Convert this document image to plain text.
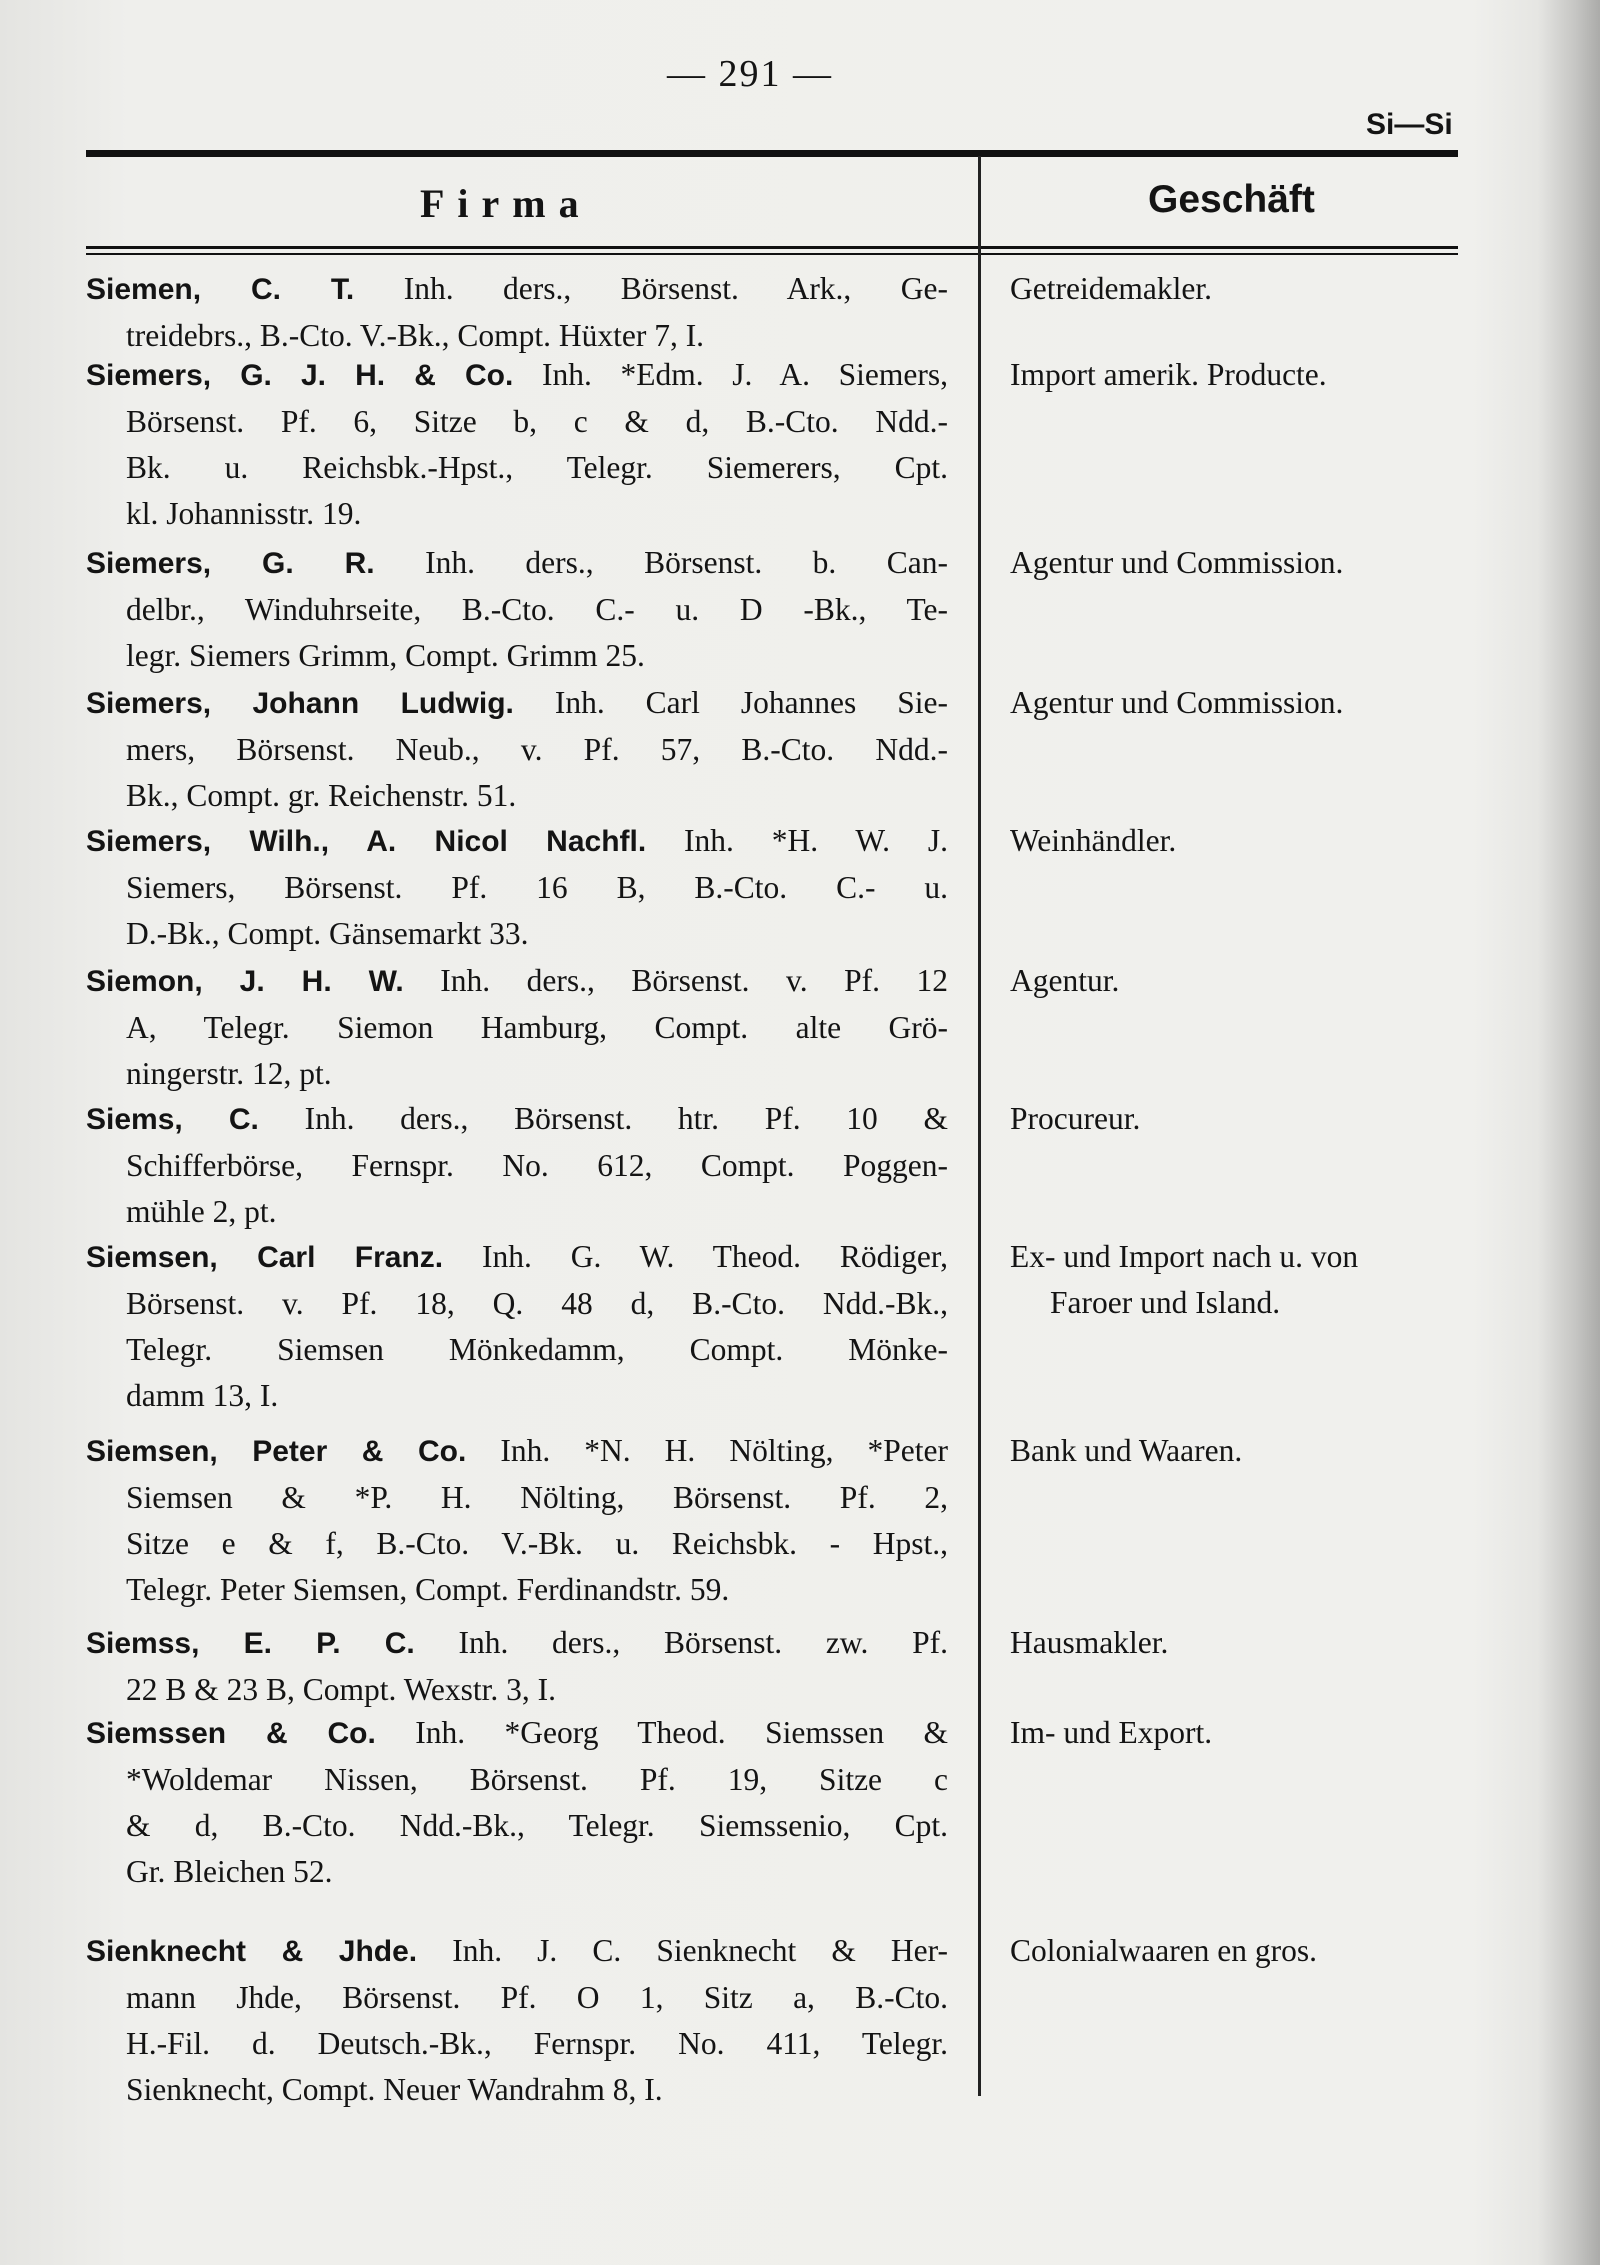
— 291 —
Si—Si
Firma	Geschäft
Siemen, C. T. Inh. ders., Börsenst. Ark., Ge-
treidebrs., B.-Cto. V.-Bk., Compt. Hüxter 7, I.
Getreidemakler.
Siemers, G. J. H. & Co. Inh. *Edm. J. A. Siemers,
Börsenst. Pf. 6, Sitze b, c & d, B.-Cto. Ndd.-
Bk. u. Reichsbk.-Hpst., Telegr. Siemerers, Cpt.
kl. Johannisstr. 19.
Import amerik. Producte.
Siemers, G. R. Inh. ders., Börsenst. b. Can-
delbr., Winduhrseite, B.-Cto. C.- u. D -Bk., Te-
legr. Siemers Grimm, Compt. Grimm 25.
Agentur und Commission.
Siemers, Johann Ludwig. Inh. Carl Johannes Sie-
mers, Börsenst. Neub., v. Pf. 57, B.-Cto. Ndd.-
Bk., Compt. gr. Reichenstr. 51.
Agentur und Commission.
Siemers, Wilh., A. Nicol Nachfl. Inh. *H. W. J.
Siemers, Börsenst. Pf. 16 B, B.-Cto. C.- u.
D.-Bk., Compt. Gänsemarkt 33.
Weinhändler.
Siemon, J. H. W. Inh. ders., Börsenst. v. Pf. 12
A, Telegr. Siemon Hamburg, Compt. alte Grö-
ningerstr. 12, pt.
Agentur.
Siems, C. Inh. ders., Börsenst. htr. Pf. 10 &
Schifferbörse, Fernspr. No. 612, Compt. Poggen-
mühle 2, pt.
Procureur.
Siemsen, Carl Franz. Inh. G. W. Theod. Rödiger,
Börsenst. v. Pf. 18, Q. 48 d, B.-Cto. Ndd.-Bk.,
Telegr. Siemsen Mönkedamm, Compt. Mönke-
damm 13, I.
Ex- und Import nach u. von

Faroer und Island.
Siemsen, Peter & Co. Inh. *N. H. Nölting, *Peter
Siemsen & *P. H. Nölting, Börsenst. Pf. 2,
Sitze e & f, B.-Cto. V.-Bk. u. Reichsbk. - Hpst.,
Telegr. Peter Siemsen, Compt. Ferdinandstr. 59.
Bank und Waaren.
Siemss, E. P. C. Inh. ders., Börsenst. zw. Pf.
22 B & 23 B, Compt. Wexstr. 3, I.
Hausmakler.
Siemssen & Co. Inh. *Georg Theod. Siemssen &
*Woldemar Nissen, Börsenst. Pf. 19, Sitze c
& d, B.-Cto. Ndd.-Bk., Telegr. Siemssenio, Cpt.
Gr. Bleichen 52.
Im- und Export.
Sienknecht & Jhde. Inh. J. C. Sienknecht & Her-
mann Jhde, Börsenst. Pf. O 1, Sitz a, B.-Cto.
H.-Fil. d. Deutsch.-Bk., Fernspr. No. 411, Telegr.
Sienknecht, Compt. Neuer Wandrahm 8, I.
Colonialwaaren en gros.
